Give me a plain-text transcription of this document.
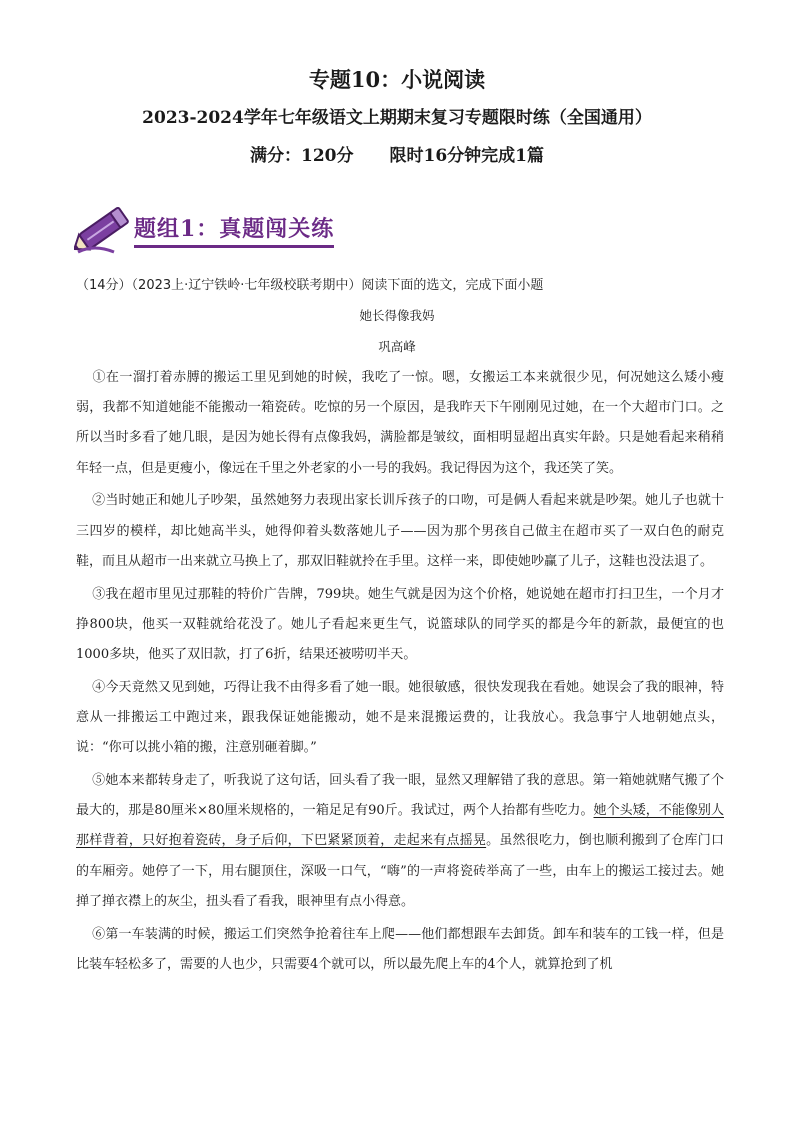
专题10：小说阅读
2023-2024学年七年级语文上期期末复习专题限时练（全国通用）
满分：120分 限时16分钟完成1篇
题组1：真题闯关练
（14分）（2023上·辽宁铁岭·七年级校联考期中）阅读下面的选文，完成下面小题
她长得像我妈
巩高峰

①在一溜打着赤膊的搬运工里见到她的时候，我吃了一惊。嗯，女搬运工本来就很少见，何况她这么矮小瘦弱，我都不知道她能不能搬动一箱瓷砖。吃惊的另一个原因，是我昨天下午刚刚见过她，在一个大超市门口。之所以当时多看了她几眼，是因为她长得有点像我妈，满脸都是皱纹，面相明显超出真实年龄。只是她看起来稍稍年轻一点，但是更瘦小，像远在千里之外老家的小一号的我妈。我记得因为这个，我还笑了笑。

②当时她正和她儿子吵架，虽然她努力表现出家长训斥孩子的口吻，可是俩人看起来就是吵架。她儿子也就十三四岁的模样，却比她高半头，她得仰着头数落她儿子——因为那个男孩自己做主在超市买了一双白色的耐克鞋，而且从超市一出来就立马换上了，那双旧鞋就拎在手里。这样一来，即使她吵赢了儿子，这鞋也没法退了。

③我在超市里见过那鞋的特价广告牌，799块。她生气就是因为这个价格，她说她在超市打扫卫生，一个月才挣800块，他买一双鞋就给花没了。她儿子看起来更生气，说篮球队的同学买的都是今年的新款，最便宜的也1000多块，他买了双旧款，打了6折，结果还被唠叨半天。

④今天竟然又见到她，巧得让我不由得多看了她一眼。她很敏感，很快发现我在看她。她误会了我的眼神，特意从一排搬运工中跑过来，跟我保证她能搬动，她不是来混搬运费的，让我放心。我急事宁人地朝她点头，说：“你可以挑小箱的搬，注意别砸着脚。”

⑤她本来都转身走了，听我说了这句话，回头看了我一眼，显然又理解错了我的意思。第一箱她就赌气搬了个最大的，那是80厘米×80厘米规格的，一箱足足有90斤。我试过，两个人抬都有些吃力。她个头矮，不能像别人那样背着，只好抱着瓷砖，身子后仰，下巴紧紧顶着，走起来有点摇晃。虽然很吃力，倒也顺利搬到了仓库门口的车厢旁。她停了一下，用右腿顶住，深吸一口气，“嗨”的一声将瓷砖举高了一些，由车上的搬运工接过去。她掸了掸衣襟上的灰尘，扭头看了看我，眼神里有点小得意。

⑥第一车装满的时候，搬运工们突然争抢着往车上爬——他们都想跟车去卸货。卸车和装车的工钱一样，但是比装车轻松多了，需要的人也少，只需要4个就可以，所以最先爬上车的4个人，就算抢到了机
